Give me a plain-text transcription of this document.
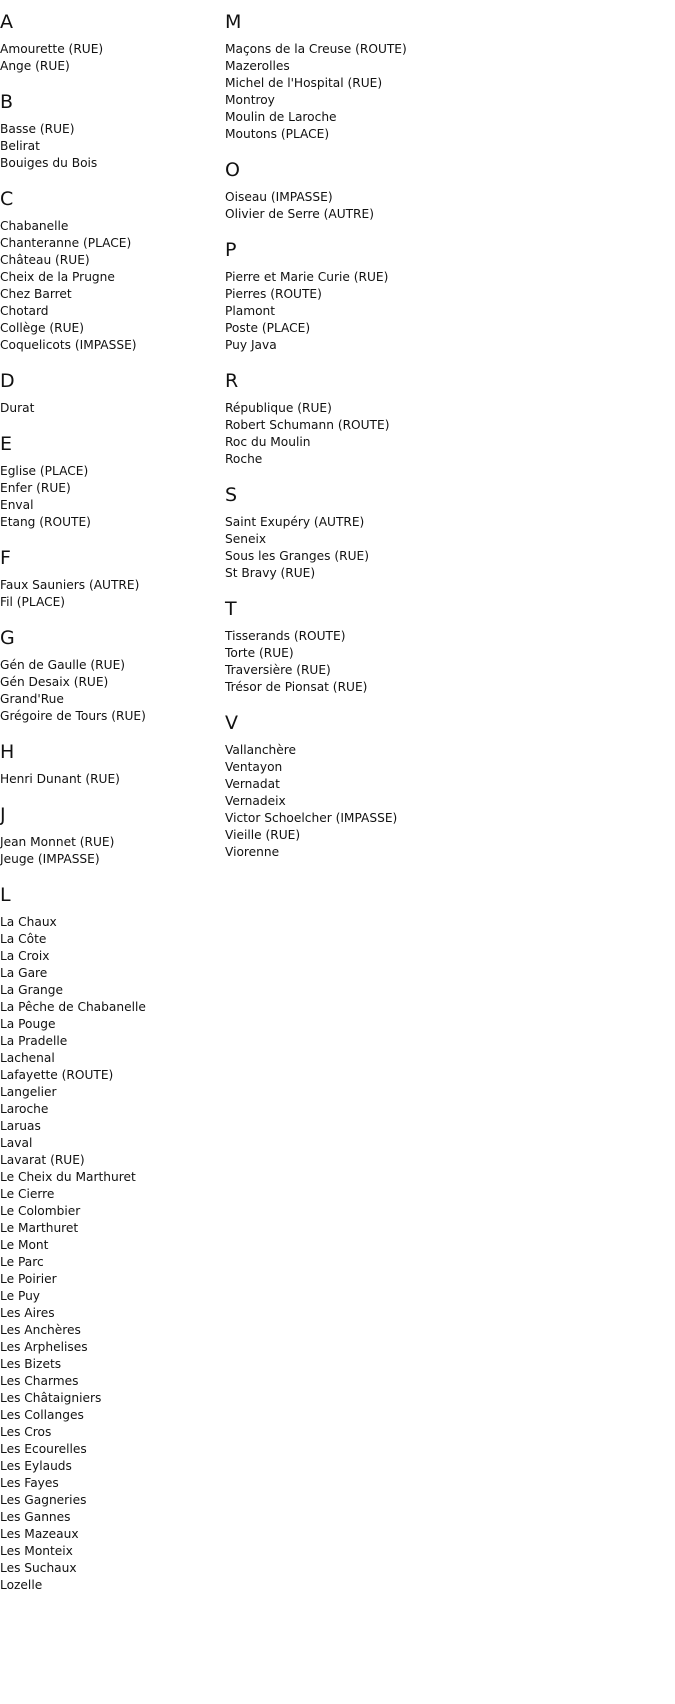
A
Amourette (RUE)
Ange (RUE)
B
Basse (RUE)
Belirat
Bouiges du Bois
C
Chabanelle
Chanteranne (PLACE)
Château (RUE)
Cheix de la Prugne
Chez Barret
Chotard
Collège (RUE)
Coquelicots (IMPASSE)
D
Durat
E
Eglise (PLACE)
Enfer (RUE)
Enval
Etang (ROUTE)
F
Faux Sauniers (AUTRE)
Fil (PLACE)
G
Gén de Gaulle (RUE)
Gén Desaix (RUE)
Grand'Rue
Grégoire de Tours (RUE)
H
Henri Dunant (RUE)
J
Jean Monnet (RUE)
Jeuge (IMPASSE)
L
La Chaux
La Côte
La Croix
La Gare
La Grange
La Pêche de Chabanelle
La Pouge
La Pradelle
Lachenal
Lafayette (ROUTE)
Langelier
Laroche
Laruas
Laval
Lavarat (RUE)
Le Cheix du Marthuret
Le Cierre
Le Colombier
Le Marthuret
Le Mont
Le Parc
Le Poirier
Le Puy
Les Aires
Les Anchères
Les Arphelises
Les Bizets
Les Charmes
Les Châtaigniers
Les Collanges
Les Cros
Les Ecourelles
Les Eylauds
Les Fayes
Les Gagneries
Les Gannes
Les Mazeaux
Les Monteix
Les Suchaux
Lozelle
M
Maçons de la Creuse (ROUTE)
Mazerolles
Michel de l'Hospital (RUE)
Montroy
Moulin de Laroche
Moutons (PLACE)
O
Oiseau (IMPASSE)
Olivier de Serre (AUTRE)
P
Pierre et Marie Curie (RUE)
Pierres (ROUTE)
Plamont
Poste (PLACE)
Puy Java
R
République (RUE)
Robert Schumann (ROUTE)
Roc du Moulin
Roche
S
Saint Exupéry (AUTRE)
Seneix
Sous les Granges (RUE)
St Bravy (RUE)
T
Tisserands (ROUTE)
Torte (RUE)
Traversière (RUE)
Trésor de Pionsat (RUE)
V
Vallanchère
Ventayon
Vernadat
Vernadeix
Victor Schoelcher (IMPASSE)
Vieille (RUE)
Viorenne
